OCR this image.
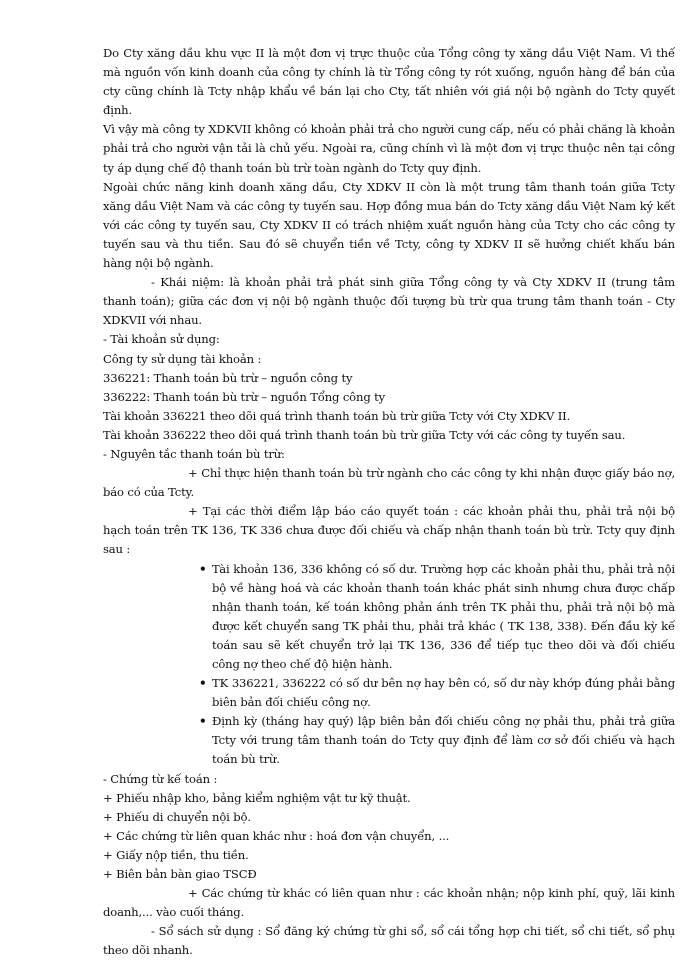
Do Cty xăng dầu khu vực II là một đơn vị trực thuộc của Tổng công ty xăng dầu Việt Nam. Vì thế mà nguồn vốn kinh doanh của công ty chính là từ Tổng công ty rót xuống, nguồn hàng để bán của cty cũng chính là Tcty nhập khẩu về bán lại cho Cty, tất nhiên với giá nội bộ ngành do Tcty quyết định.

Vì vậy mà công ty XDKVII không có khoản phải trả cho người cung cấp, nếu có phải chăng là khoản phải trả cho người vận tải là chủ yếu. Ngoài ra, cũng chính vì là một đơn vị trực thuộc nên tại công ty áp dụng chế độ thanh toán bù trừ toàn ngành do Tcty quy định.

Ngoài chức năng kinh doanh xăng dầu, Cty XDKV II còn là một trung tâm thanh toán giữa Tcty xăng dầu Việt Nam và các công ty tuyến sau. Hợp đồng mua bán do Tcty xăng dầu Việt Nam ký kết với các công ty tuyến sau, Cty XDKV II có trách nhiệm xuất nguồn hàng của Tcty cho các công ty tuyến sau và thu tiền. Sau đó sẽ chuyển tiền về Tcty, công ty XDKV II sẽ hưởng chiết khấu bán hàng nội bộ ngành.

- Khái niệm: là khoản phải trả phát sinh giữa Tổng công ty và Cty XDKV II (trung tâm thanh toán); giữa các đơn vị nội bộ ngành thuộc đối tượng bù trừ qua trung tâm thanh toán - Cty XDKVII với nhau.

- Tài khoản sử dụng:

Công ty sử dụng tài khoản :

336221: Thanh toán bù trừ – nguồn công ty

336222: Thanh toán bù trừ – nguồn Tổng công ty

Tài khoản 336221 theo dõi quá trình thanh toán bù trừ giữa Tcty với Cty XDKV II.

Tài khoản 336222 theo dõi quá trình thanh toán bù trừ giữa Tcty với các công ty tuyến sau.

- Nguyên tắc thanh toán bù trừ:

+ Chỉ thực hiện thanh toán bù trừ ngành cho các công ty khi nhận được giấy báo nợ, báo có của Tcty.

+ Tại các thời điểm lập báo cáo quyết toán : các khoản phải thu, phải trả nội bộ hạch toán trên TK 136, TK 336 chưa được đối chiếu và chấp nhận thanh toán bù trừ. Tcty quy định sau :

• Tài khoản 136, 336 không có số dư. Trường hợp các khoản phải thu, phải trả nội bộ về hàng hoá và các khoản thanh toán khác phát sinh nhưng chưa được chấp nhận thanh toán, kế toán không phản ánh trên TK phải thu, phải trả nội bộ mà được kết chuyển sang TK phải thu, phải trả khác ( TK 138, 338). Đến đầu kỳ kế toán sau sẽ kết chuyển trở lại TK 136, 336 để tiếp tục theo dõi và đối chiếu công nợ theo chế độ hiện hành.
• TK 336221, 336222 có số dư bên nợ hay bên có, số dư này khớp đúng phải bằng biên bản đối chiếu công nợ.
• Định kỳ (tháng hay quý) lập biên bản đối chiếu công nợ phải thu, phải trả giữa Tcty với trung tâm thanh toán do Tcty quy định để làm cơ sở đối chiếu và hạch toán bù trừ.

- Chứng từ kế toán :

+ Phiếu nhập kho, bảng kiểm nghiệm vật tư kỹ thuật.

+ Phiếu di chuyển nội bộ.

+ Các chứng từ liên quan khác như : hoá đơn vận chuyển, ...

+ Giấy nộp tiền, thu tiền.

+ Biên bản bàn giao TSCĐ

+ Các chứng từ khác có liên quan như : các khoản nhận; nộp kinh phí, quỹ, lãi kinh doanh,... vào cuối tháng.

- Sổ sách sử dụng : Sổ đăng ký chứng từ ghi sổ, sổ cái tổng hợp chi tiết, sổ chi tiết, sổ phụ theo dõi nhanh.
